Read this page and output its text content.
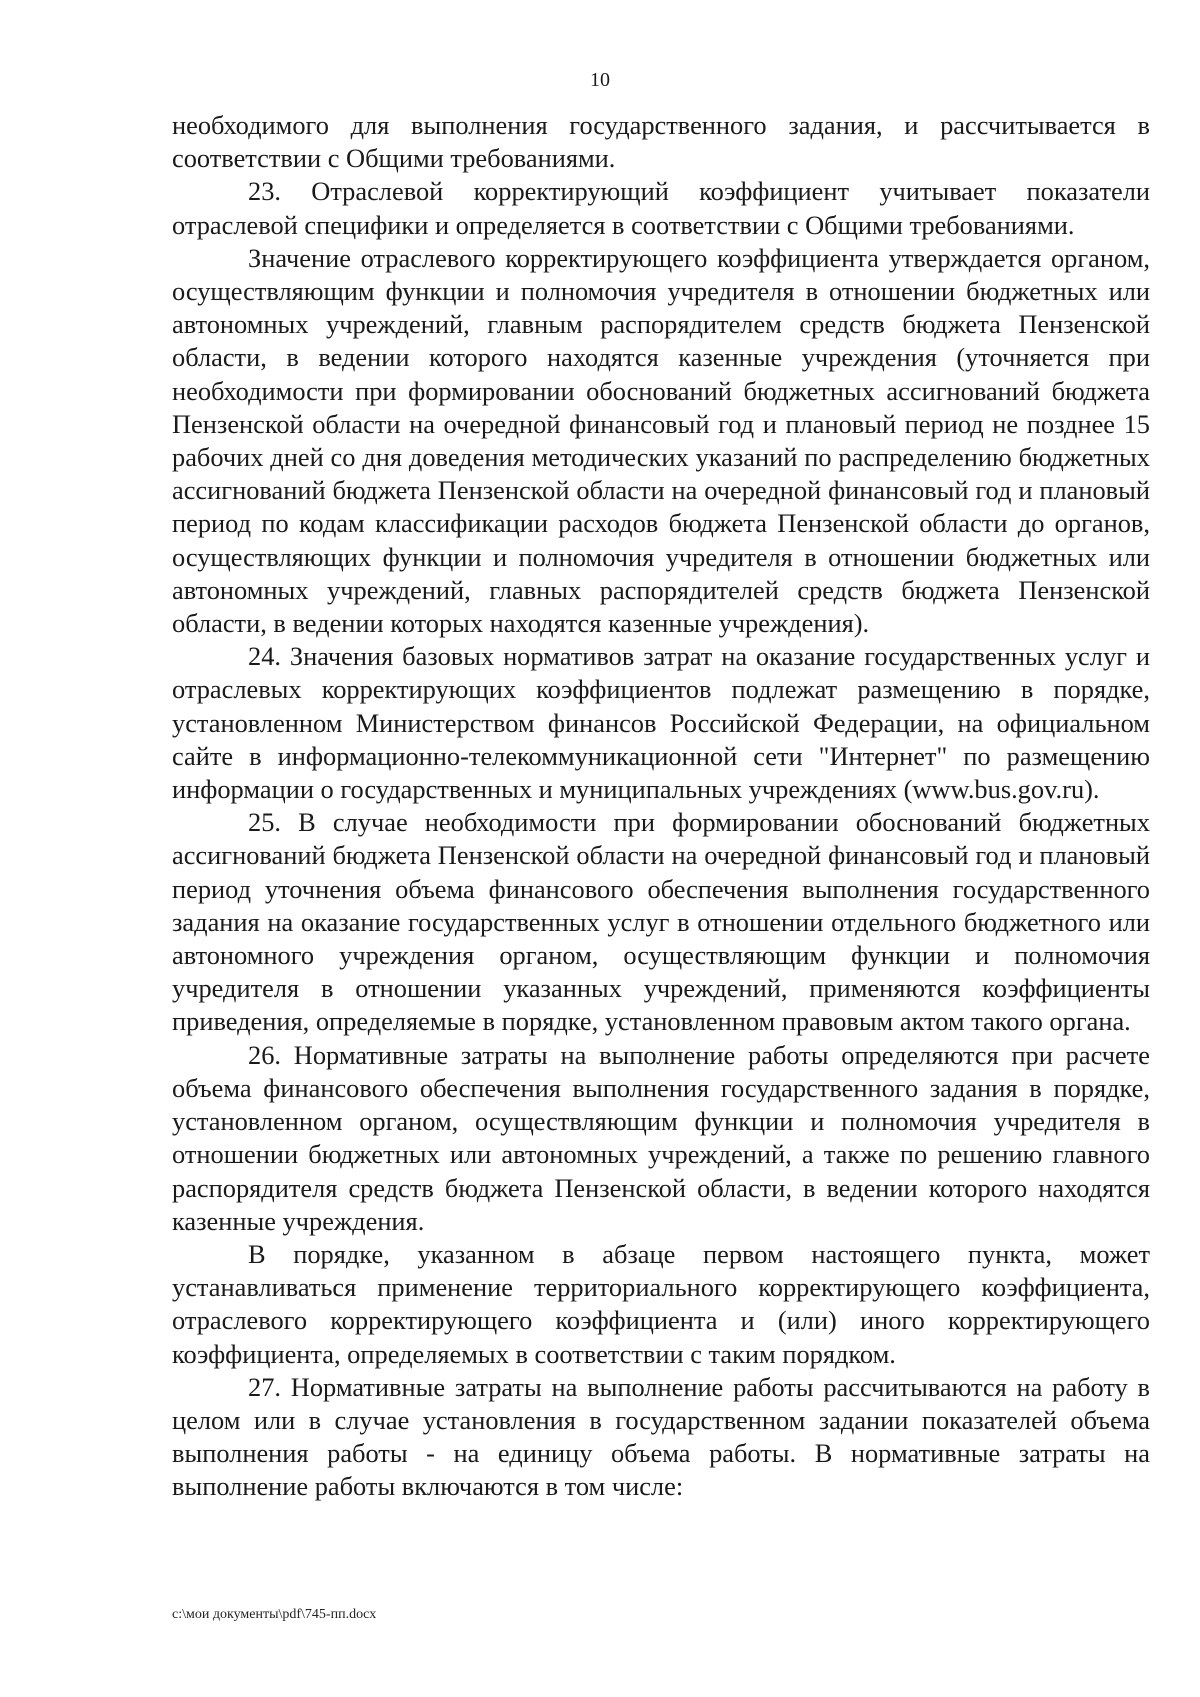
10

необходимого для выполнения государственного задания, и рассчитывается в соответствии с Общими требованиями.

23. Отраслевой корректирующий коэффициент учитывает показатели отраслевой специфики и определяется в соответствии с Общими требованиями.

Значение отраслевого корректирующего коэффициента утверждается органом, осуществляющим функции и полномочия учредителя в отношении бюджетных или автономных учреждений, главным распорядителем средств бюджета Пензенской области, в ведении которого находятся казенные учреждения (уточняется при необходимости при формировании обоснований бюджетных ассигнований бюджета Пензенской области на очередной финансовый год и плановый период не позднее 15 рабочих дней со дня доведения методических указаний по распределению бюджетных ассигнований бюджета Пензенской области на очередной финансовый год и плановый период по кодам классификации расходов бюджета Пензенской области до органов, осуществляющих функции и полномочия учредителя в отношении бюджетных или автономных учреждений, главных распорядителей средств бюджета Пензенской области, в ведении которых находятся казенные учреждения).

24. Значения базовых нормативов затрат на оказание государственных услуг и отраслевых корректирующих коэффициентов подлежат размещению в порядке, установленном Министерством финансов Российской Федерации, на официальном сайте в информационно-телекоммуникационной сети "Интернет" по размещению информации о государственных и муниципальных учреждениях (www.bus.gov.ru).

25. В случае необходимости при формировании обоснований бюджетных ассигнований бюджета Пензенской области на очередной финансовый год и плановый период уточнения объема финансового обеспечения выполнения государственного задания на оказание государственных услуг в отношении отдельного бюджетного или автономного учреждения органом, осуществляющим функции и полномочия учредителя в отношении указанных учреждений, применяются коэффициенты приведения, определяемые в порядке, установленном правовым актом такого органа.

26. Нормативные затраты на выполнение работы определяются при расчете объема финансового обеспечения выполнения государственного задания в порядке, установленном органом, осуществляющим функции и полномочия учредителя в отношении бюджетных или автономных учреждений, а также по решению главного распорядителя средств бюджета Пензенской области, в ведении которого находятся казенные учреждения.

В порядке, указанном в абзаце первом настоящего пункта, может устанавливаться применение территориального корректирующего коэффициента, отраслевого корректирующего коэффициента и (или) иного корректирующего коэффициента, определяемых в соответствии с таким порядком.

27. Нормативные затраты на выполнение работы рассчитываются на работу в целом или в случае установления в государственном задании показателей объема выполнения работы - на единицу объема работы. В нормативные затраты на выполнение работы включаются в том числе:

c:\мои документы\pdf\745-пп.docx
